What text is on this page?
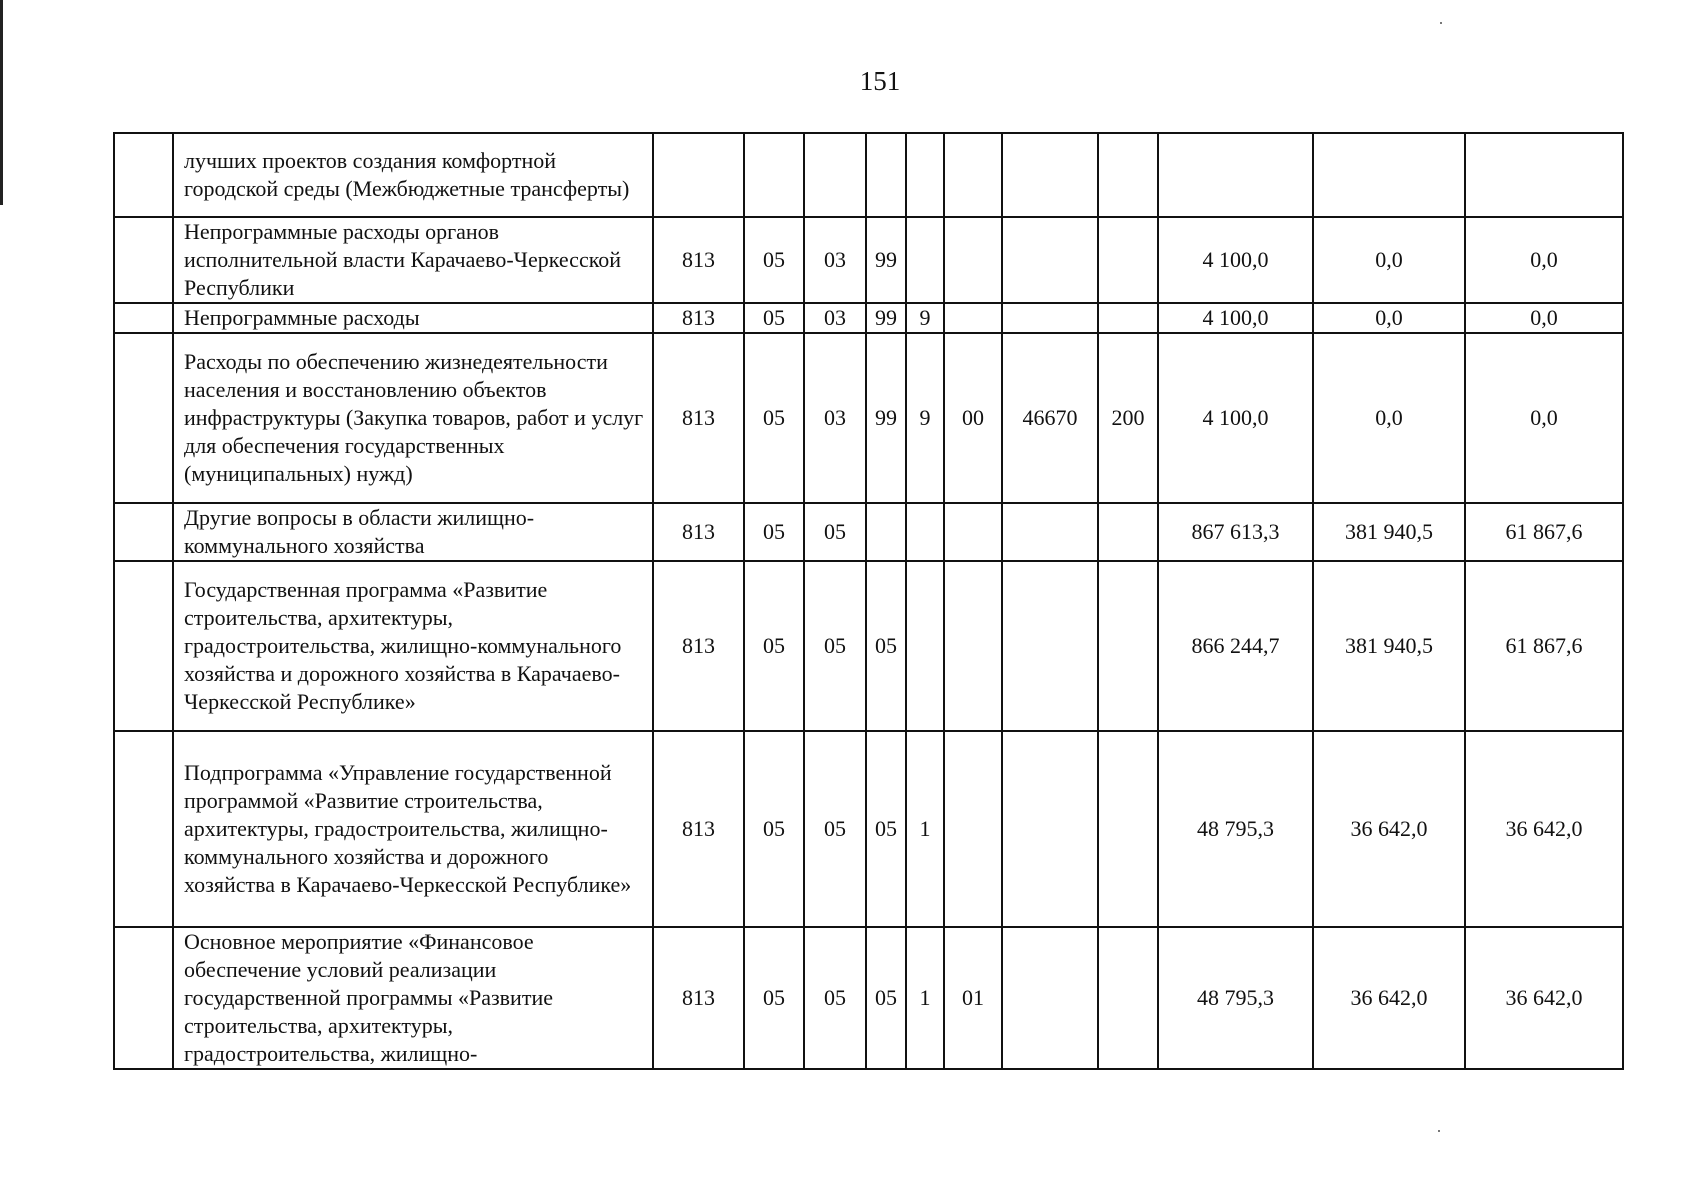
151
	лучших проектов создания комфортной городской среды (Межбюджетные трансферты)											
	Непрограммные расходы органов исполнительной власти Карачаево-Черкесской Республики	813	05	03	99					4 100,0	0,0	0,0
	Непрограммные расходы	813	05	03	99	9				4 100,0	0,0	0,0
	Расходы по обеспечению жизнедеятельности населения и восстановлению объектов инфраструктуры (Закупка товаров, работ и услуг для обеспечения государственных (муниципальных) нужд)	813	05	03	99	9	00	46670	200	4 100,0	0,0	0,0
	Другие вопросы в области жилищно-коммунального хозяйства	813	05	05						867 613,3	381 940,5	61 867,6
	Государственная программа «Развитие строительства, архитектуры, градостроительства, жилищно-коммунального хозяйства и дорожного хозяйства в Карачаево-Черкесской Республике»	813	05	05	05					866 244,7	381 940,5	61 867,6
	Подпрограмма «Управление государственной программой «Развитие строительства, архитектуры, градостроительства, жилищно-коммунального хозяйства и дорожного хозяйства в Карачаево-Черкесской Республике»	813	05	05	05	1				48 795,3	36 642,0	36 642,0
	Основное мероприятие «Финансовое обеспечение условий реализации государственной программы «Развитие строительства, архитектуры, градостроительства, жилищно-	813	05	05	05	1	01			48 795,3	36 642,0	36 642,0
